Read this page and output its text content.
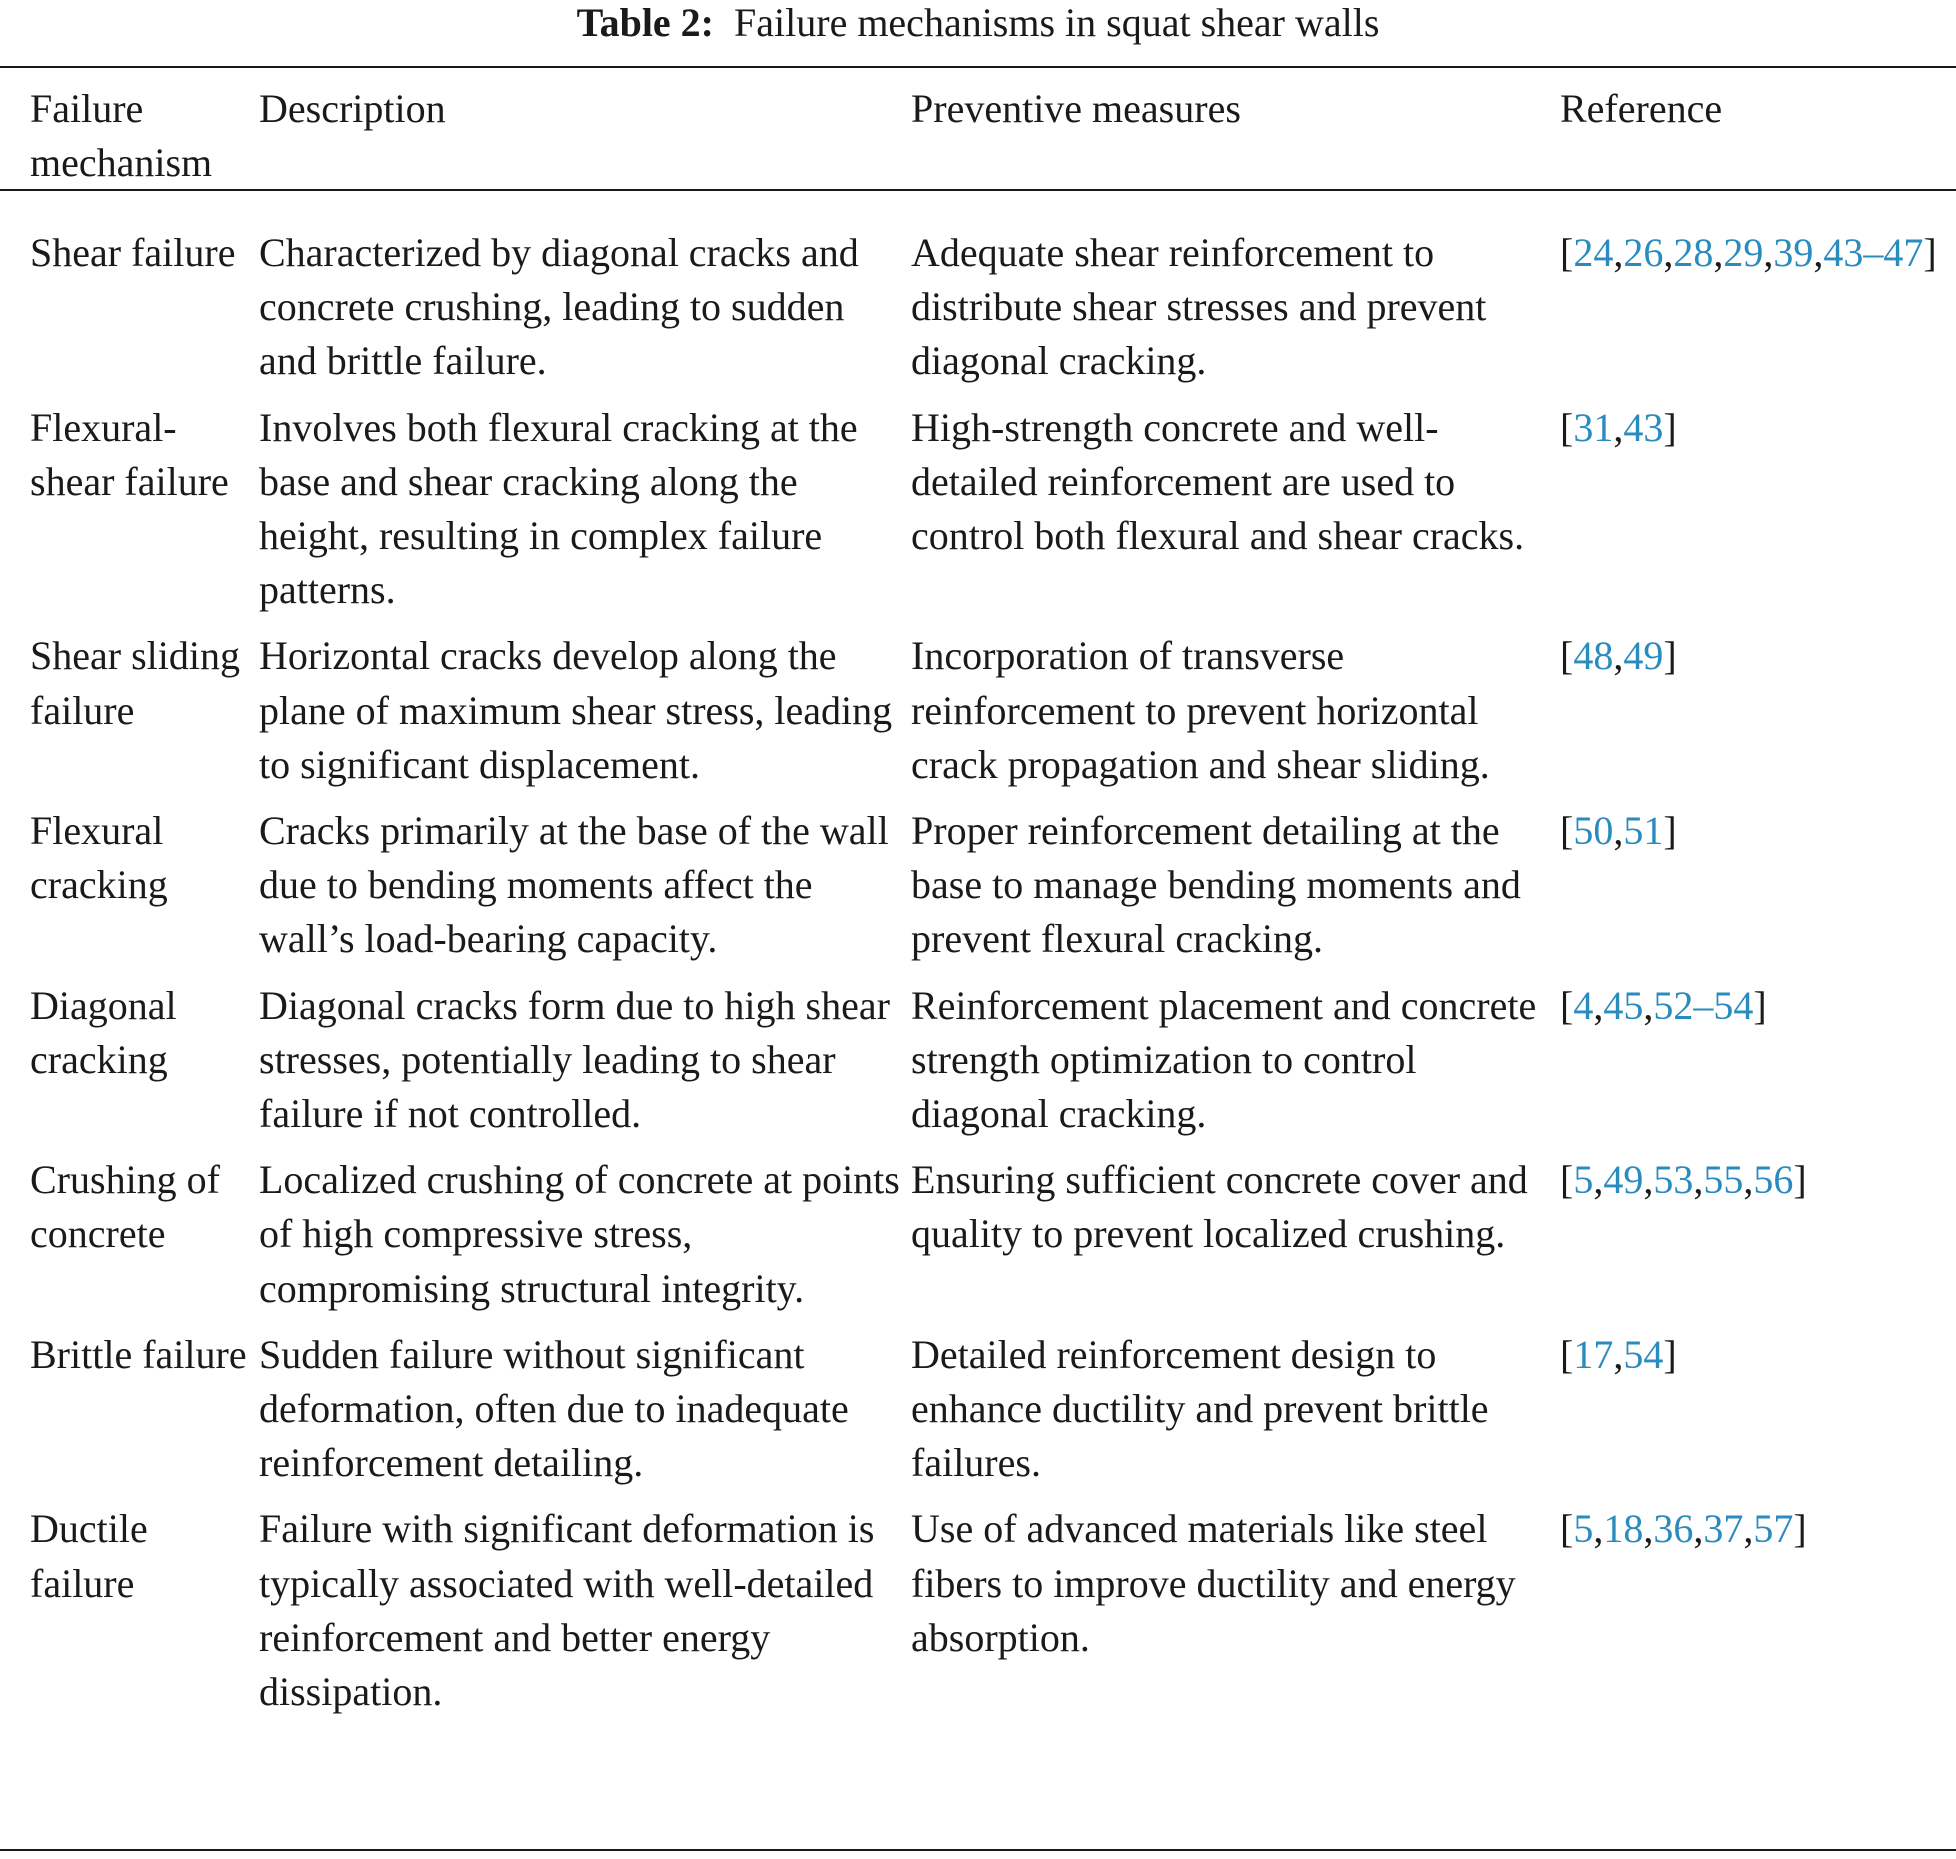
Table 2: Failure mechanisms in squat shear walls
Failure mechanism	Description	Preventive measures	Reference
Shear failure	Characterized by diagonal cracks and concrete crushing, leading to sudden and brittle failure.	Adequate shear reinforcement to distribute shear stresses and prevent diagonal cracking.	[24,26,28,29,39,43–47]
Flexural-shear failure	Involves both flexural cracking at the base and shear cracking along the height, resulting in complex failure patterns.	High-strength concrete and well-detailed reinforcement are used to control both flexural and shear cracks.	[31,43]
Shear sliding failure	Horizontal cracks develop along the plane of maximum shear stress, leading to significant displacement.	Incorporation of transverse reinforcement to prevent horizontal crack propagation and shear sliding.	[48,49]
Flexural cracking	Cracks primarily at the base of the wall due to bending moments affect the wall’s load-bearing capacity.	Proper reinforcement detailing at the base to manage bending moments and prevent flexural cracking.	[50,51]
Diagonal cracking	Diagonal cracks form due to high shear stresses, potentially leading to shear failure if not controlled.	Reinforcement placement and concrete strength optimization to control diagonal cracking.	[4,45,52–54]
Crushing of concrete	Localized crushing of concrete at points of high compressive stress, compromising structural integrity.	Ensuring sufficient concrete cover and quality to prevent localized crushing.	[5,49,53,55,56]
Brittle failure	Sudden failure without significant deformation, often due to inadequate reinforcement detailing.	Detailed reinforcement design to enhance ductility and prevent brittle failures.	[17,54]
Ductile failure	Failure with significant deformation is typically associated with well-detailed reinforcement and better energy dissipation.	Use of advanced materials like steel fibers to improve ductility and energy absorption.	[5,18,36,37,57]
